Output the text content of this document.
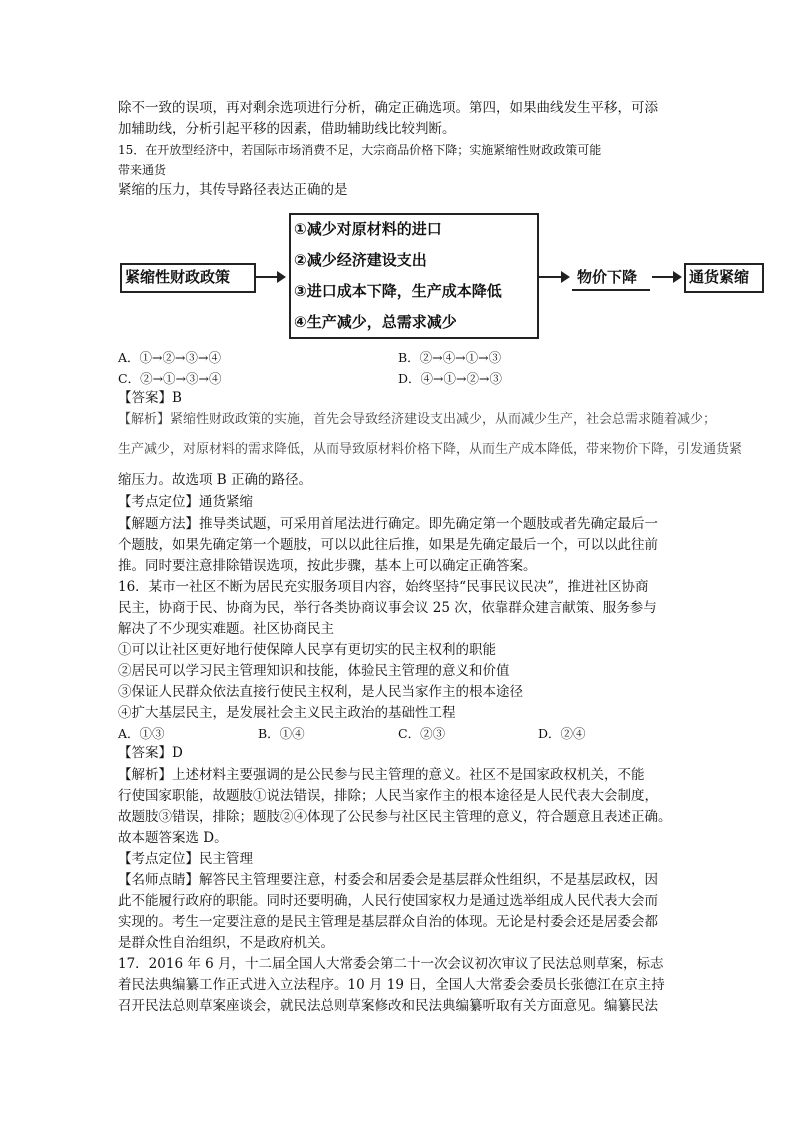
除不一致的误项，再对剩余选项进行分析，确定正确选项。第四，如果曲线发生平移，可添
加辅助线，分析引起平移的因素，借助辅助线比较判断。
15．在开放型经济中，若国际市场消费不足，大宗商品价格下降；实施紧缩性财政政策可能
带来通货
紧缩的压力，其传导路径表达正确的是
紧缩性财政政策
①减少对原材料的进口
②减少经济建设支出
③进口成本下降，生产成本降低
④生产减少，总需求减少
物价下降	通货紧缩
A．①→②→③→④	B．②→④→①→③
C．②→①→③→④	D．④→①→②→③
【答案】B
【解析】紧缩性财政政策的实施，首先会导致经济建设支出减少，从而减少生产，社会总需求随着减少；
生产减少，对原材料的需求降低，从而导致原材料价格下降，从而生产成本降低，带来物价下降，引发通货紧
缩压力。故选项 B 正确的路径。
【考点定位】通货紧缩
【解题方法】推导类试题，可采用首尾法进行确定。即先确定第一个题肢或者先确定最后一
个题肢，如果先确定第一个题肢，可以以此往后推，如果是先确定最后一个，可以以此往前
推。同时要注意排除错误选项，按此步骤，基本上可以确定正确答案。
16．某市一社区不断为居民充实服务项目内容，始终坚持“民事民议民决”，推进社区协商
民主，协商于民、协商为民，举行各类协商议事会议 25 次，依靠群众建言献策、服务参与
解决了不少现实难题。社区协商民主
①可以让社区更好地行使保障人民享有更切实的民主权利的职能
②居民可以学习民主管理知识和技能，体验民主管理的意义和价值
③保证人民群众依法直接行使民主权利，是人民当家作主的根本途径
④扩大基层民主，是发展社会主义民主政治的基础性工程
A．①③	B．①④	C．②③	D．②④
【答案】D
【解析】上述材料主要强调的是公民参与民主管理的意义。社区不是国家政权机关，不能
行使国家职能，故题肢①说法错误，排除；人民当家作主的根本途径是人民代表大会制度，
故题肢③错误，排除；题肢②④体现了公民参与社区民主管理的意义，符合题意且表述正确。
故本题答案选 D。
【考点定位】民主管理
【名师点睛】解答民主管理要注意，村委会和居委会是基层群众性组织，不是基层政权，因
此不能履行政府的职能。同时还要明确，人民行使国家权力是通过选举组成人民代表大会而
实现的。考生一定要注意的是民主管理是基层群众自治的体现。无论是村委会还是居委会都
是群众性自治组织，不是政府机关。
17．2016 年 6 月，十二届全国人大常委会第二十一次会议初次审议了民法总则草案，标志
着民法典编纂工作正式进入立法程序。10 月 19 日，全国人大常委会委员长张德江在京主持
召开民法总则草案座谈会，就民法总则草案修改和民法典编纂听取有关方面意见。编纂民法
